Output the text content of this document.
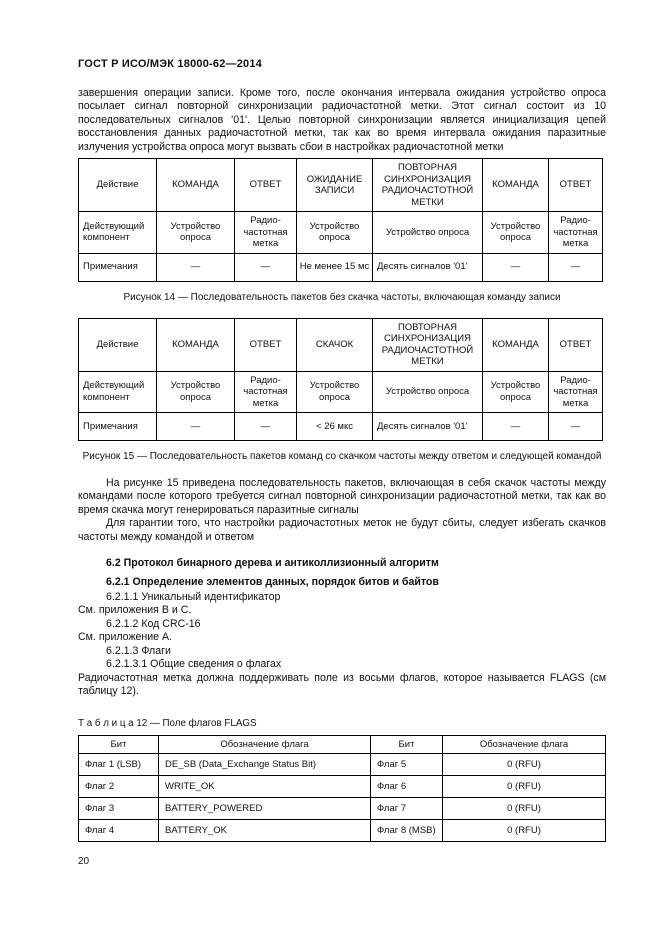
ГОСТ Р ИСО/МЭК 18000-62—2014

завершения операции записи. Кроме того, после окончания интервала ожидания устройство опроса посылает сигнал повторной синхронизации радиочастотной метки. Этот сигнал состоит из 10 последовательных сигналов '01'. Целью повторной синхронизации является инициализация цепей восстановления данных радиочастотной метки, так как во время интервала ожидания паразитные излучения устройства опроса могут вызвать сбои в настройках радиочастотной метки

Действие	КОМАНДА	ОТВЕТ	ОЖИДАНИЕ ЗАПИСИ	ПОВТОРНАЯ СИНХРОНИЗАЦИЯ РАДИОЧАСТОТНОЙ МЕТКИ	КОМАНДА	ОТВЕТ
Действующий компонент	Устройство опроса	Радио-частотная метка	Устройство опроса	Устройство опроса	Устройство опроса	Радио-частотная метка
Примечания	—	—	Не менее 15 мс	Десять сигналов '01'	—	—
Рисунок 14 — Последовательность пакетов без скачка частоты, включающая команду записи
Действие	КОМАНДА	ОТВЕТ	СКАЧОК	ПОВТОРНАЯ СИНХРОНИЗАЦИЯ РАДИОЧАСТОТНОЙ МЕТКИ	КОМАНДА	ОТВЕТ
Действующий компонент	Устройство опроса	Радио-частотная метка	Устройство опроса	Устройство опроса	Устройство опроса	Радио-частотная метка
Примечания	—	—	< 26 мкс	Десять сигналов '01'	—	—
Рисунок 15 — Последовательность пакетов команд со скачком частоты между ответом и следующей командой

На рисунке 15 приведена последовательность пакетов, включающая в себя скачок частоты между командами после которого требуется сигнал повторной синхронизации радиочастотной метки, так как во время скачка могут генерироваться паразитные сигналы

Для гарантии того, что настройки радиочастотных меток не будут сбиты, следует избегать скачков частоты между командой и ответом

6.2 Протокол бинарного дерева и антиколлизионный алгоритм
6.2.1 Определение элементов данных, порядок битов и байтов
6.2.1.1 Уникальный идентификатор
См. приложения В и С.
6.2.1.2 Код CRC-16
См. приложение А.
6.2.1.3 Флаги
6.2.1.3.1 Общие сведения о флагах

Радиочастотная метка должна поддерживать поле из восьми флагов, которое называется FLAGS (см таблицу 12).

Т а б л и ц а 12 — Поле флагов FLAGS
Бит	Обозначение флага	Бит	Обозначение флага
Флаг 1 (LSB)	DE_SB (Data_Exchange Status Bit)	Флаг 5	0 (RFU)
Флаг 2	WRITE_OK	Флаг 6	0 (RFU)
Флаг 3	BATTERY_POWERED	Флаг 7	0 (RFU)
Флаг 4	BATTERY_OK	Флаг 8 (MSB)	0 (RFU)
20
